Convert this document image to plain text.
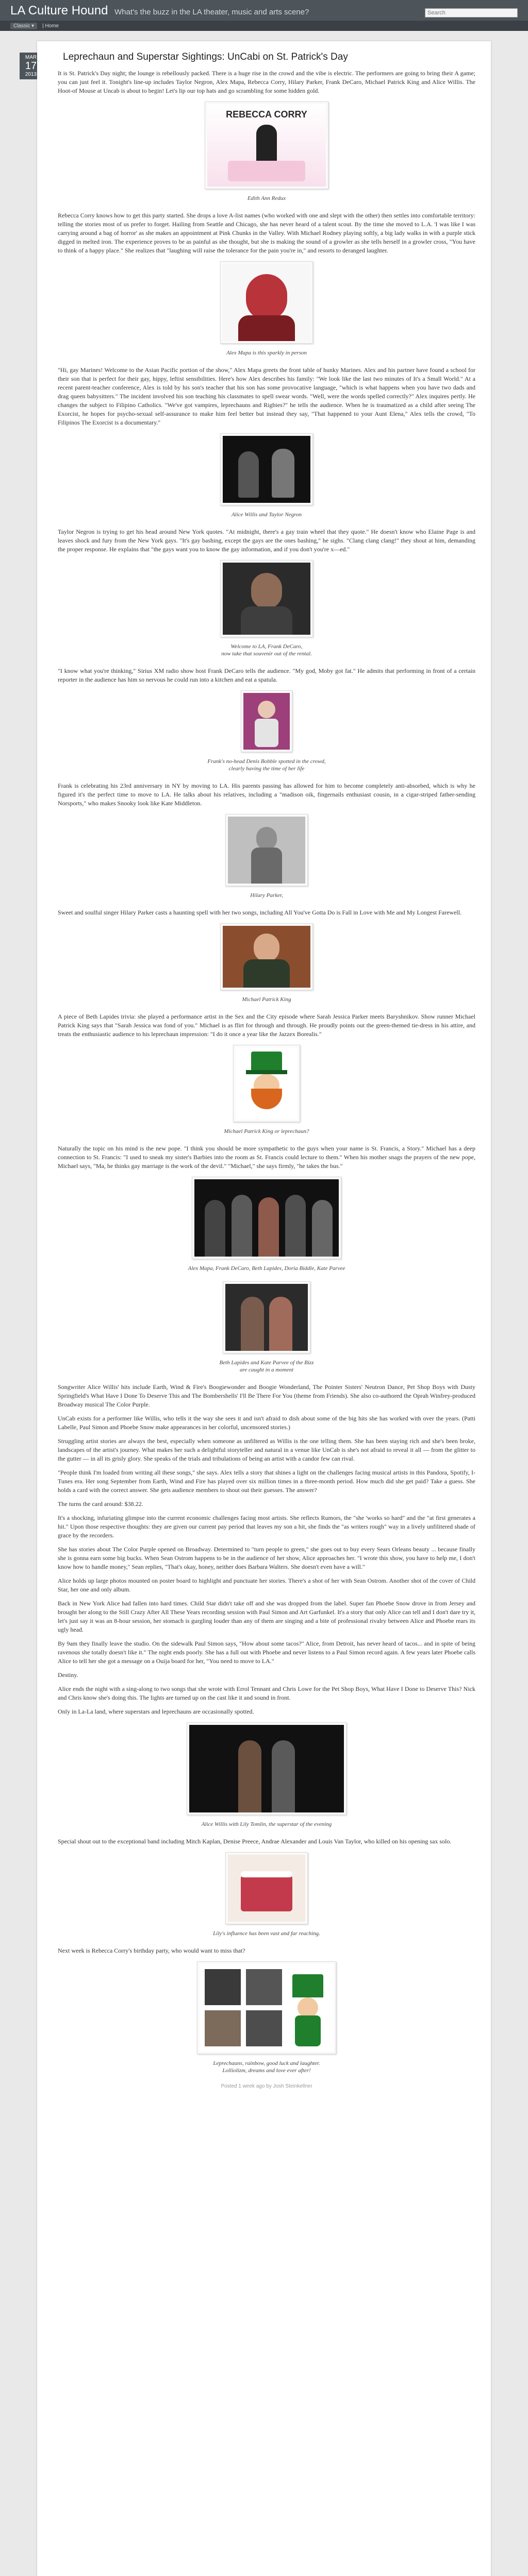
LA Culture Hound What's the buzz in the LA theater, music and arts scene?
Search
Classic ▾	| Home
MAR
17
2013
Leprechaun and Superstar Sightings: UnCabi on St. Patrick's Day

It is St. Patrick's Day night; the lounge is rebellously packed. There is a huge rise in the crowd and the vibe is electric. The performers are going to bring their A game; you can just feel it. Tonight's line-up includes Taylor Negron, Alex Mapa, Rebecca Corry, Hilary Parker, Frank DeCaro, Michael Patrick King and Alice Willis. The Hoot-of Mouse at Uncab is about to begin! Let's lip our top hats and go scrambling for some hidden gold.

REBECCA CORRY
Edith Ann Redux

Rebecca Corry knows how to get this party started. She drops a love A-list names (who worked with one and slept with the other) then settles into comfortable territory: telling the stories most of us prefer to forget. Hailing from Seattle and Chicago, she has never heard of a talent scout. By the time she moved to L.A. 'I was like I was carrying around a bag of horror' as she makes an appointment at Pink Chunks in the Valley. With Michael Rodney playing softly, a big lady walks in with a purple stick digged in melted iron. The experience proves to be as painful as she thought, but she is making the sound of a growler as she tells herself in a growler cross, "You have to think of a happy place." She realizes that "laughing will raise the tolerance for the pain you're in," and resorts to deranged laughter.

Alex Mapa is this sparkly in person

"Hi, gay Marines! Welcome to the Asian Pacific portion of the show," Alex Mapa greets the front table of hunky Marines. Alex and his partner have found a school for their son that is perfect for their gay, hippy, leftist sensibilities. Here's how Alex describes his family: "We look like the last two minutes of It's a Small World." At a recent parent-teacher conference, Alex is told by his son's teacher that his son has some provocative language, "which is what happens when you have two dads and drag queen babysitters." The incident involved his son teaching his classmates to spell swear words. "Well, were the words spelled correctly?" Alex inquires pertly. He changes the subject to Filipino Catholics. "We've got vampires, leprechauns and Rigbies?" he tells the audience. When he is traumatized as a child after seeing The Exorcist, he hopes for psycho-sexual self-assurance to make him feel better but instead they say, "That happened to your Aunt Elena," Alex tells the crowd, "To Filipinos The Exorcist is a documentary."

Alice Willis and Taylor Negron

Taylor Negron is trying to get his head around New York quotes. "At midnight, there's a gay train wheel that they quote." He doesn't know who Elaine Page is and leaves shock and fury from the New York gays. "It's gay bashing, except the gays are the ones bashing," he sighs. "Clang clang clang!" they shout at him, demanding the proper response. He explains that "the gays want you to know the gay information, and if you don't you're x—ed."

Welcome to LA, Frank DeCaro,
now take that souvenir out of the rental.

"I know what you're thinking," Sirius XM radio show host Frank DeCaro tells the audience. "My god, Moby got fat." He admits that performing in front of a certain reporter in the audience has him so nervous he could run into a kitchen and eat a spatula.

Frank's no-head Denis Bobble spotted in the crowd,
clearly having the time of her life

Frank is celebrating his 23rd anniversary in NY by moving to LA. His parents passing has allowed for him to become completely anti-absorbed, which is why he figured it's the perfect time to move to LA. He talks about his relatives, including a "madison oik, fingernails enthusiast cousin, in a cigar-striped father-sending Norsports," who makes Snooky look like Kate Middleton.

Hilary Parker,

Sweet and soulful singer Hilary Parker casts a haunting spell with her two songs, including All You've Gotta Do is Fall in Love with Me and My Longest Farewell.

Michael Patrick King

A piece of Beth Lapides trivia: she played a performance artist in the Sex and the City episode where Sarah Jessica Parker meets Baryshnikov. Show runner Michael Patrick King says that "Sarah Jessica was fond of you." Michael is as flirt for through and through. He proudly points out the green-themed tie-dress in his attire, and treats the enthusiastic audience to his leprechaun impression: "I do it once a year like the Jazzex Borealis."

Michael Patrick King or leprechaun?

Naturally the topic on his mind is the new pope. "I think you should be more sympathetic to the guys when your name is St. Francis, a Story." Michael has a deep connection to St. Francis: "I used to sneak my sister's Barbies into the room as St. Francis could lecture to them." When his mother snags the prayers of the new pope, Michael says, "Ma, he thinks gay marriage is the work of the devil." "Michael," she says firmly, "he takes the bus."

Alex Mapa, Frank DeCaro, Beth Lapides, Doria Biddle, Kate Parvee
Beth Lapides and Kate Parvee of the Bizz
are caught in a moment

Songwriter Alice Willis' hits include Earth, Wind & Fire's Boogiewonder and Boogie Wonderland, The Pointer Sisters' Neutron Dance, Pet Shop Boys with Dusty Springfield's What Have I Done To Deserve This and The Bombershells' I'll Be There For You (theme from Friends). She also co-authored the Oprah Winfrey-produced Broadway musical The Color Purple.

UnCab exists for a performer like Willis, who tells it the way she sees it and isn't afraid to dish about some of the big hits she has worked with over the years. (Patti Labelle, Paul Simon and Phoebe Snow make appearances in her colorful, uncensored stories.)

Struggling artist stories are always the best, especially when someone as unfiltered as Willis is the one telling them. She has been staying rich and she's been broke, landscapes of the artist's journey. What makes her such a delightful storyteller and natural in a venue like UnCab is she's not afraid to reveal it all — from the glitter to the gutter — in all its grisly glory. She speaks of the trials and tribulations of being an artist with a candor few can rival.

"People think I'm loaded from writing all these songs," she says. Alex tells a story that shines a light on the challenges facing musical artists in this Pandora, Spotify, I-Tunes era. Her song September from Earth, Wind and Fire has played over six million times in a three-month period. How much did she get paid? Take a guess. She holds a card with the correct answer. She gets audience members to shout out their guesses. The answer?

The turns the card around: $38.22.

It's a shocking, infuriating glimpse into the current economic challenges facing most artists. She reflects Rumors, the "she 'works so hard" and the "at first generates a hit." Upon those respective thoughts: they are given our current pay period that leaves my son a hit, she finds the "as writers rough" way in a lively unfilitered shade of grace by the recorders.

She has stories about The Color Purple opened on Broadway. Determined to "turn people to green," she goes out to buy every Sears Orleans beauty ... because finally she is gonna earn some big bucks. When Sean Ostrom happens to be in the audience of her show, Alice approaches her. "I wrote this show, you have to help me, I don't know how to handle money," Sean replies, "That's okay, honey, neither does Barbara Walters. She doesn't even have a will."

Alice holds up large photos mounted on poster board to highlight and punctuate her stories. There's a shot of her with Sean Ostrom. Another shot of the cover of Child Star, her one and only album.

Back in New York Alice had fallen into hard times. Child Star didn't take off and she was dropped from the label. Super fan Phoebe Snow drove in from Jersey and brought her along to the Still Crazy After All These Years recording session with Paul Simon and Art Garfunkel. It's a story that only Alice can tell and I don't dare try it, let's just say it was an 8-hour session, her stomach is gurgling louder than any of them are singing and a bite of professional rivalry between Alice and Phoebe rears its ugly head.

By 9am they finally leave the studio. On the sidewalk Paul Simon says, "How about some tacos?" Alice, from Detroit, has never heard of tacos... and in spite of being ravenous she totally doesn't like it." The night ends poorly. She has a full out with Phoebe and never listens to a Paul Simon record again. A few years later Phoebe calls Alice to tell her she got a message on a Ouija board for her, "You need to move to LA."

Destiny.

Alice ends the night with a sing-along to two songs that she wrote with Errol Tennant and Chris Lowe for the Pet Shop Boys, What Have I Done to Deserve This? Nick and Chris know she's doing this. The lights are turned up on the cast like it and sound in front.

Only in La-La land, where superstars and leprechauns are occasionally spotted.

Alice Willis with Lily Tomlin, the superstar of the evening

Special shout out to the exceptional band including Mitch Kaplan, Denise Preece, Andrae Alexander and Louis Van Taylor, who killed on his opening sax solo.

Lily's influence has been vast and far reaching.

Next week is Rebecca Corry's birthday party, who would want to miss that?

Leprechauns, rainbow, good luck and laughter.
Lolliolizm, dreams and love ever after!
Posted 1 week ago by Josh Steinkellner
